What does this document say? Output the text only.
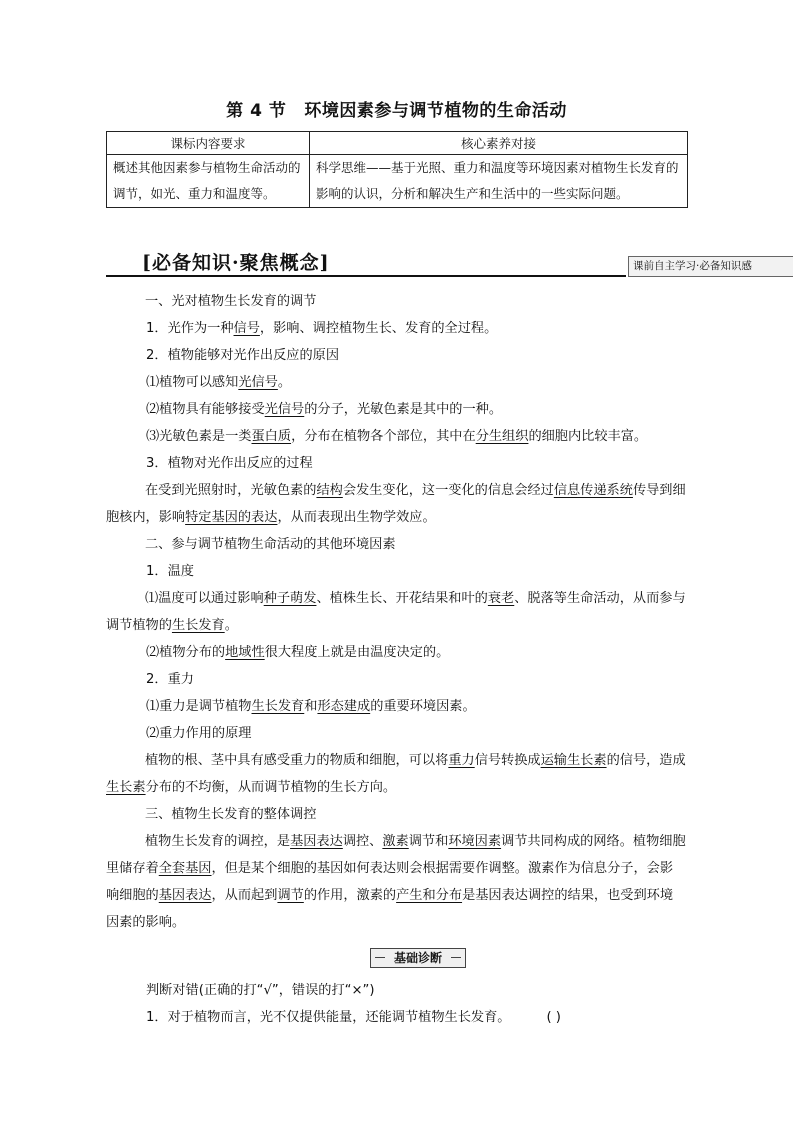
第 4 节 环境因素参与调节植物的生命活动
课标内容要求	核心素养对接
概述其他因素参与植物生命活动的调节，如光、重力和温度等。	科学思维——基于光照、重力和温度等环境因素对植物生长发育的影响的认识，分析和解决生产和生活中的一些实际问题。
[必备知识·聚焦概念]	课前自主学习·必备知识感

一、光对植物生长发育的调节

1．光作为一种信号，影响、调控植物生长、发育的全过程。

2．植物能够对光作出反应的原因

⑴植物可以感知光信号。

⑵植物具有能够接受光信号的分子，光敏色素是其中的一种。

⑶光敏色素是一类蛋白质，分布在植物各个部位，其中在分生组织的细胞内比较丰富。

3．植物对光作出反应的过程

在受到光照射时，光敏色素的结构会发生变化，这一变化的信息会经过信息传递系统传导到细胞核内，影响特定基因的表达，从而表现出生物学效应。

二、参与调节植物生命活动的其他环境因素

1．温度

⑴温度可以通过影响种子萌发、植株生长、开花结果和叶的衰老、脱落等生命活动，从而参与调节植物的生长发育。

⑵植物分布的地域性很大程度上就是由温度决定的。

2．重力

⑴重力是调节植物生长发育和形态建成的重要环境因素。

⑵重力作用的原理

植物的根、茎中具有感受重力的物质和细胞，可以将重力信号转换成运输生长素的信号，造成生长素分布的不均衡，从而调节植物的生长方向。

三、植物生长发育的整体调控

植物生长发育的调控，是基因表达调控、激素调节和环境因素调节共同构成的网络。植物细胞里储存着全套基因，但是某个细胞的基因如何表达则会根据需要作调整。激素作为信息分子，会影响细胞的基因表达，从而起到调节的作用，激素的产生和分布是基因表达调控的结果，也受到环境因素的影响。

基础诊断

判断对错(正确的打“√”，错误的打“×”)

1．对于植物而言，光不仅提供能量，还能调节植物生长发育。	( )
